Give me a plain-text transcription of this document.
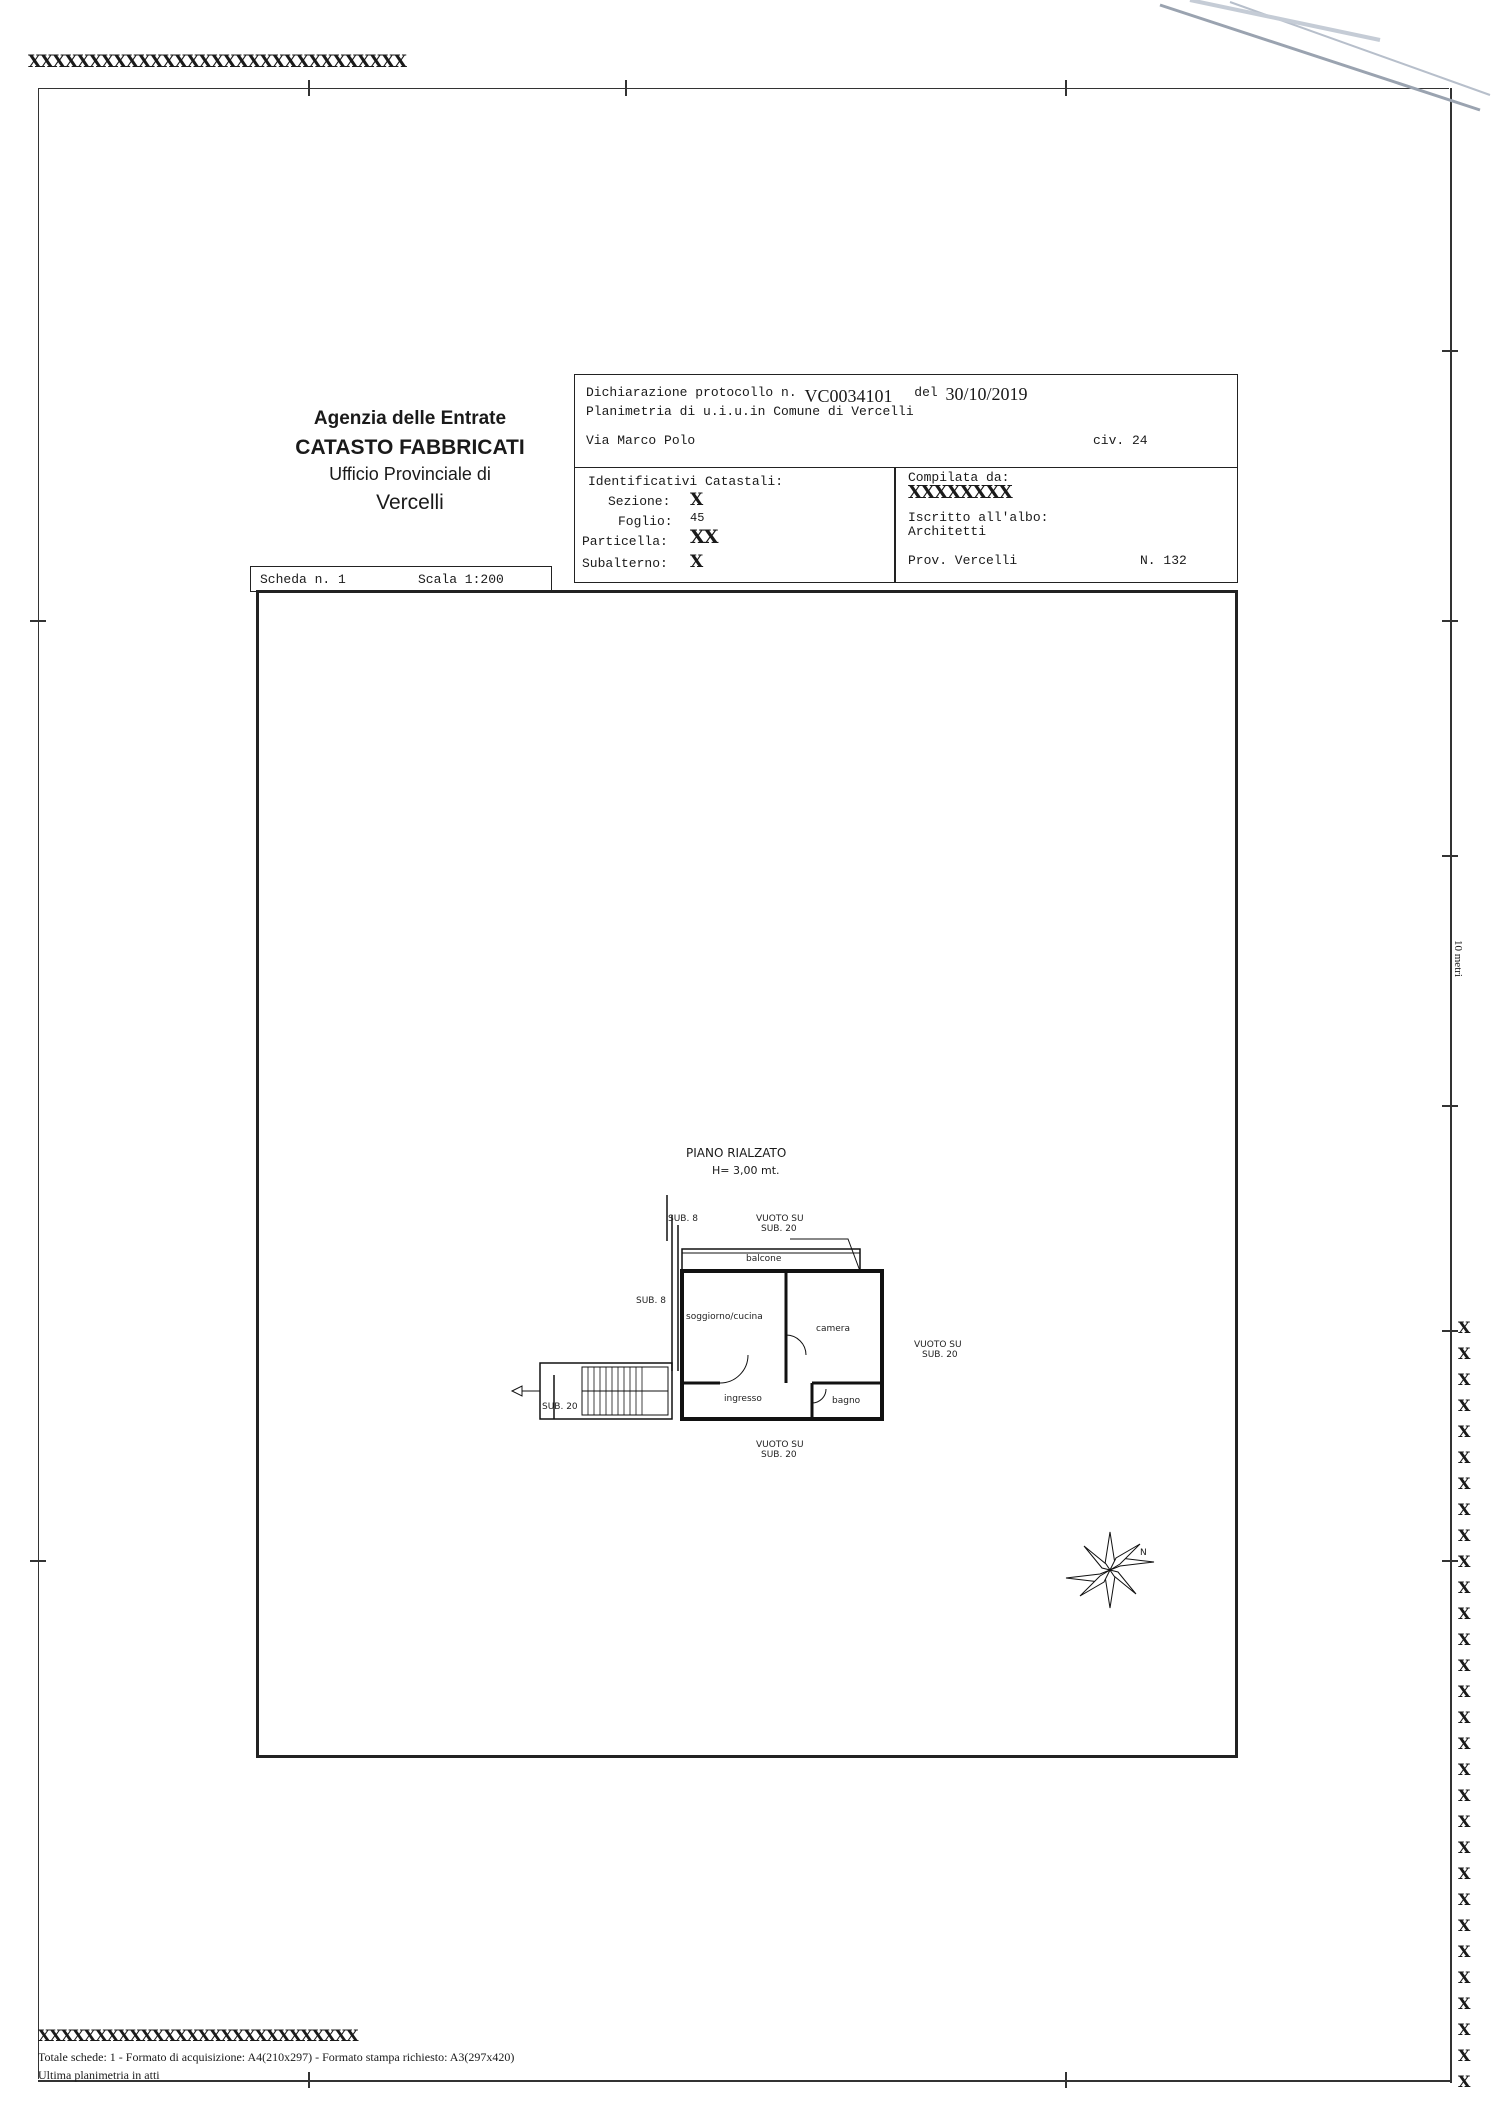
XXXXXXXXXXXXXXXXXXXXXXXXXXXXXXX
Agenzia delle Entrate
CATASTO FABBRICATI
Ufficio Provinciale di
Vercelli
Dichiarazione protocollo n. VC0034101 del 30/10/2019
Planimetria di u.i.u.in Comune di Vercelli
Via Marco Polo	civ. 24
Identificativi Catastali:
Sezione: X
Foglio: 45
Particella: XX
Subalterno: X
Compilata da:
XXXXXXXX
Iscritto all'albo:
Architetti
Prov. Vercelli	N. 132
Scheda n. 1	Scala 1:200
PIANO RIALZATO
H= 3,00 mt.
SUB. 8	VUOTO SU
SUB. 20
balcone
SUB. 8
soggiorno/cucina
camera
VUOTO SU
SUB. 20
SUB. 20
ingresso	bagno
VUOTO SU
SUB. 20
N
10 metri
X
X
X
X
X
X
X
X
X
X
X
X
X
X
X
X
X
X
X
X
X
X
X
X
X
X
X
X
X
X
XXXXXXXXXXXXXXXXXXXXXXXXXXXX
Totale schede: 1 - Formato di acquisizione: A4(210x297) - Formato stampa richiesto: A3(297x420)
Ultima planimetria in atti
